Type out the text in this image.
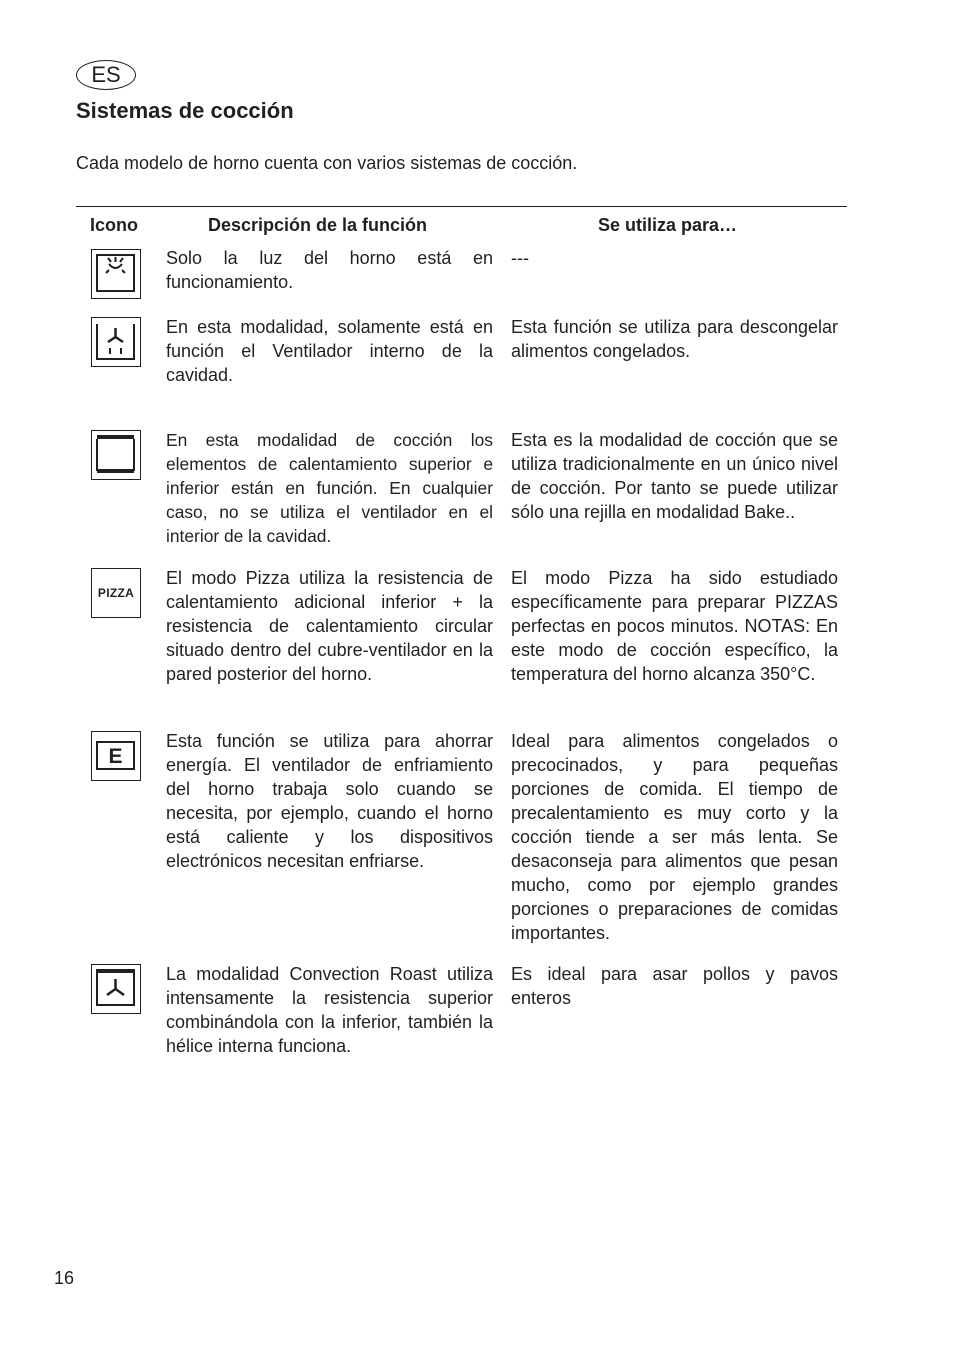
ES
Sistemas de cocción

Cada modelo de horno cuenta con varios sistemas de cocción.

Icono	Descripción de la función	Se utiliza para…

Solo la luz del horno está en funcionamiento.

---

En esta modalidad, solamente está en función el Ventilador interno de la cavidad.

Esta función se utiliza para descongelar alimentos congelados.

En esta modalidad de cocción los elementos de calentamiento superior e inferior están en función. En cualquier caso, no se utiliza el ventilador en el interior de la cavidad.

Esta es la modalidad de cocción que se utiliza tradicionalmente en un único nivel de cocción. Por tanto se puede utilizar sólo una rejilla en modalidad Bake..

PIZZA

El modo Pizza utiliza la resistencia de calentamiento adicional inferior + la resistencia de calentamiento circular situado dentro del cubre-ventilador en la pared posterior del horno.

El modo Pizza ha sido estudiado específicamente para preparar PIZZAS perfectas en pocos minutos. NOTAS: En este modo de cocción específico, la temperatura del horno alcanza 350°C.

E

Esta función se utiliza para ahorrar energía. El ventilador de enfriamiento del horno trabaja solo cuando se necesita, por ejemplo, cuando el horno está caliente y los dispositivos electrónicos necesitan enfriarse.

Ideal para alimentos congelados o precocinados, y para pequeñas porciones de comida. El tiempo de precalentamiento es muy corto y la cocción tiende a ser más lenta. Se desaconseja para alimentos que pesan mucho, como por ejemplo grandes porciones o preparaciones de comidas importantes.

La modalidad Convection Roast utiliza intensamente la resistencia superior combinándola con la inferior, también la hélice interna funciona.

Es ideal para asar pollos y pavos enteros

16
